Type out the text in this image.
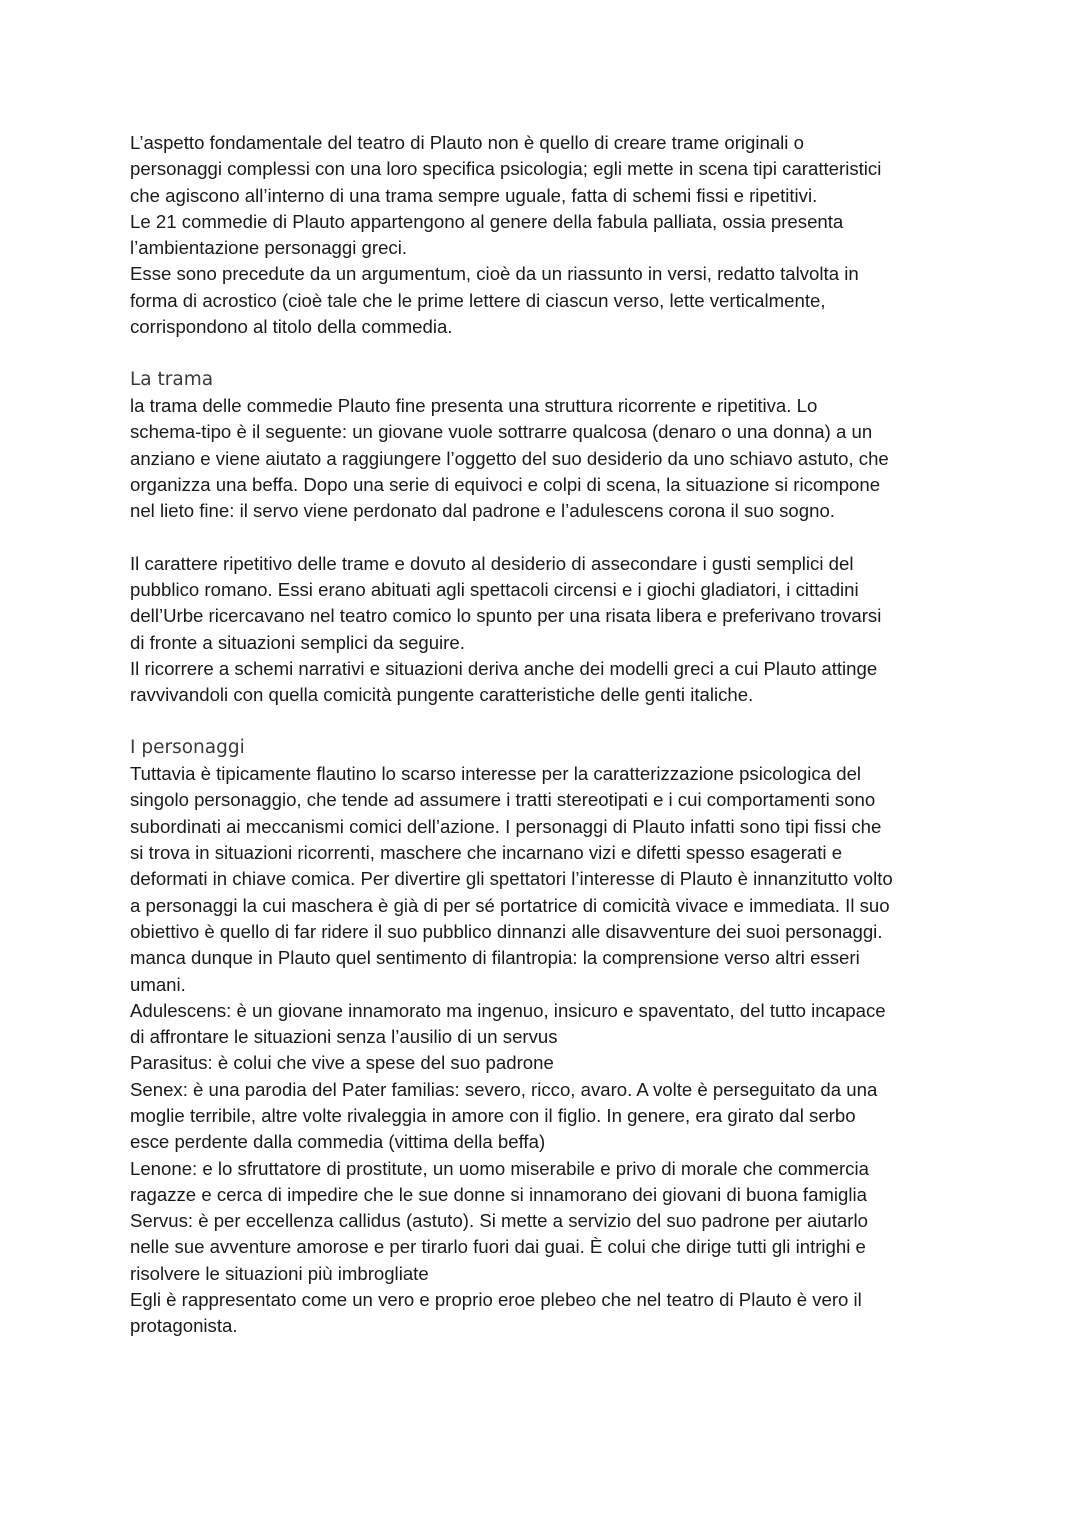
L’aspetto fondamentale del teatro di Plauto non è quello di creare trame originali o
personaggi complessi con una loro specifica psicologia; egli mette in scena tipi caratteristici
che agiscono all’interno di una trama sempre uguale, fatta di schemi fissi e ripetitivi.

Le 21 commedie di Plauto appartengono al genere della fabula palliata, ossia presenta
l’ambientazione personaggi greci.

Esse sono precedute da un argumentum, cioè da un riassunto in versi, redatto talvolta in
forma di acrostico (cioè tale che le prime lettere di ciascun verso, lette verticalmente,
corrispondono al titolo della commedia.

La trama

la trama delle commedie Plauto fine presenta una struttura ricorrente e ripetitiva. Lo
schema-tipo è il seguente: un giovane vuole sottrarre qualcosa (denaro o una donna) a un
anziano e viene aiutato a raggiungere l’oggetto del suo desiderio da uno schiavo astuto, che
organizza una beffa. Dopo una serie di equivoci e colpi di scena, la situazione si ricompone
nel lieto fine: il servo viene perdonato dal padrone e l’adulescens corona il suo sogno.

Il carattere ripetitivo delle trame e dovuto al desiderio di assecondare i gusti semplici del
pubblico romano. Essi erano abituati agli spettacoli circensi e i giochi gladiatori, i cittadini
dell’Urbe ricercavano nel teatro comico lo spunto per una risata libera e preferivano trovarsi
di fronte a situazioni semplici da seguire.

Il ricorrere a schemi narrativi e situazioni deriva anche dei modelli greci a cui Plauto attinge
ravvivandoli con quella comicità pungente caratteristiche delle genti italiche.

I personaggi

Tuttavia è tipicamente flautino lo scarso interesse per la caratterizzazione psicologica del
singolo personaggio, che tende ad assumere i tratti stereotipati e i cui comportamenti sono
subordinati ai meccanismi comici dell’azione. I personaggi di Plauto infatti sono tipi fissi che
si trova in situazioni ricorrenti, maschere che incarnano vizi e difetti spesso esagerati e
deformati in chiave comica. Per divertire gli spettatori l’interesse di Plauto è innanzitutto volto
a personaggi la cui maschera è già di per sé portatrice di comicità vivace e immediata. Il suo
obiettivo è quello di far ridere il suo pubblico dinnanzi alle disavventure dei suoi personaggi.
manca dunque in Plauto quel sentimento di filantropia: la comprensione verso altri esseri
umani.

Adulescens: è un giovane innamorato ma ingenuo, insicuro e spaventato, del tutto incapace
di affrontare le situazioni senza l’ausilio di un servus

Parasitus: è colui che vive a spese del suo padrone

Senex: è una parodia del Pater familias: severo, ricco, avaro. A volte è perseguitato da una
moglie terribile, altre volte rivaleggia in amore con il figlio. In genere, era girato dal serbo
esce perdente dalla commedia (vittima della beffa)

Lenone: e lo sfruttatore di prostitute, un uomo miserabile e privo di morale che commercia
ragazze e cerca di impedire che le sue donne si innamorano dei giovani di buona famiglia

Servus: è per eccellenza callidus (astuto). Si mette a servizio del suo padrone per aiutarlo
nelle sue avventure amorose e per tirarlo fuori dai guai. È colui che dirige tutti gli intrighi e
risolvere le situazioni più imbrogliate

Egli è rappresentato come un vero e proprio eroe plebeo che nel teatro di Plauto è vero il
protagonista.
